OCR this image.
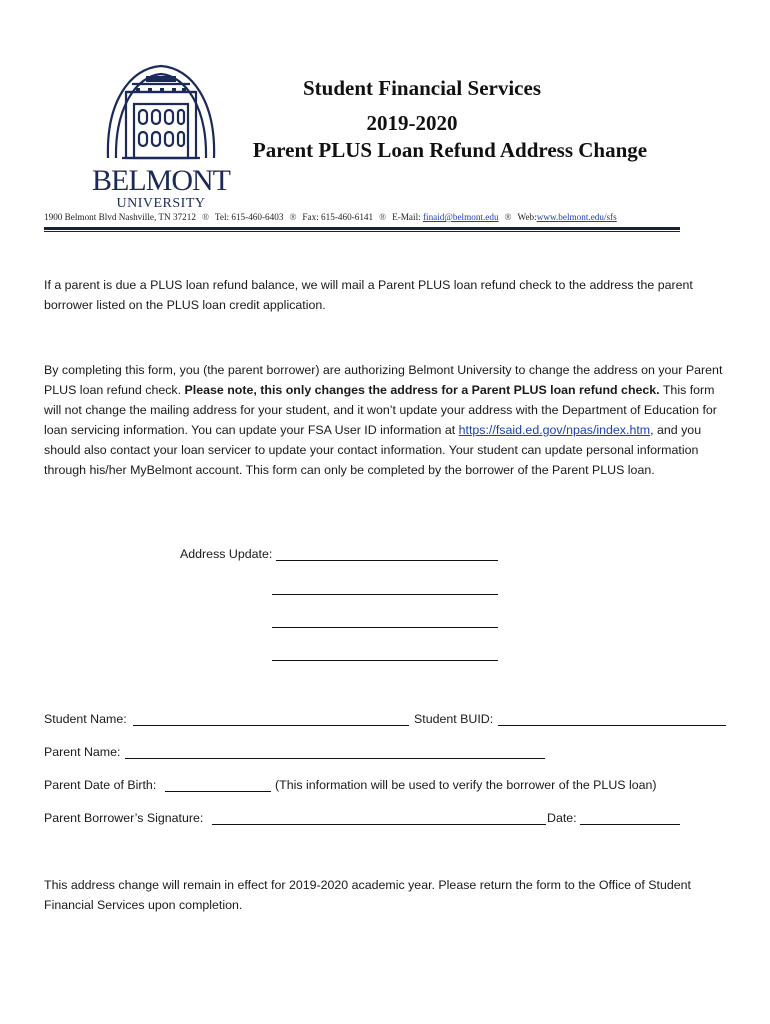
BELMONT
UNIVERSITY
Student Financial Services
2019-2020
Parent PLUS Loan Refund Address Change
1900 Belmont Blvd Nashville, TN 37212 ® Tel: 615-460-6403 ® Fax: 615-460-6141 ® E-Mail: finaid@belmont.edu ® Web:www.belmont.edu/sfs
If a parent is due a PLUS loan refund balance, we will mail a Parent PLUS loan refund check to the address the parent borrower listed on the PLUS loan credit application.
By completing this form, you (the parent borrower) are authorizing Belmont University to change the address on your Parent PLUS loan refund check. Please note, this only changes the address for a Parent PLUS loan refund check. This form will not change the mailing address for your student, and it won’t update your address with the Department of Education for loan servicing information. You can update your FSA User ID information at https://fsaid.ed.gov/npas/index.htm, and you should also contact your loan servicer to update your contact information. Your student can update personal information through his/her MyBelmont account. This form can only be completed by the borrower of the Parent PLUS loan.
Address Update:
Student Name:	Student BUID:
Parent Name:
Parent Date of Birth:	(This information will be used to verify the borrower of the PLUS loan)
Parent Borrower’s Signature:	Date:
This address change will remain in effect for 2019-2020 academic year. Please return the form to the Office of Student Financial Services upon completion.
